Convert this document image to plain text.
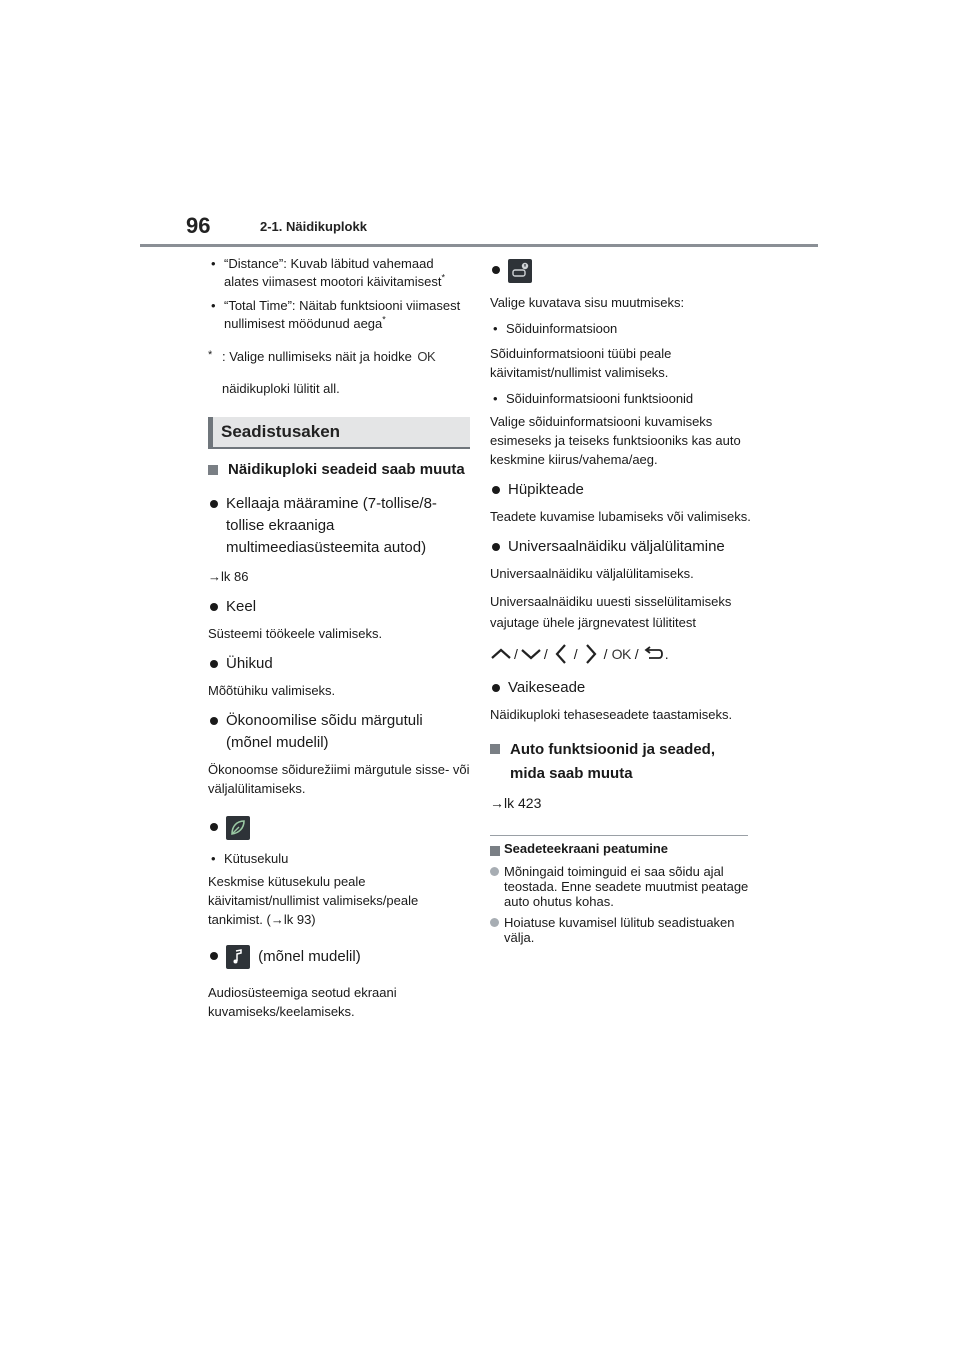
96	2-1. Näidikuplokk

• “Distance”: Kuvab läbitud vahemaad alates viimasest mootori käivitamisest*

• “Total Time”: Näitab funktsiooni viimasest nullimisest möödunud aega*

* : Valige nullimiseks näit ja hoidke OK
näidikuploki lülitit all.

Seadistusaken

Näidikuploki seadeid saab muuta

Kellaaja määramine (7-tollise/8-tollise ekraaniga multimeediasüsteemita autod)

→lk 86

Keel

Süsteemi töökeele valimiseks.

Ühikud

Mõõtühiku valimiseks.

Ökonoomilise sõidu märgutuli (mõnel mudelil)

Ökonoomse sõidurežiimi märgutule sisse- või väljalülitamiseks.

• Kütusekulu

Keskmise kütusekulu peale käivitamist/nullimist valimiseks/peale tankimist. (→lk 93)

(mõnel mudelil)

Audiosüsteemiga seotud ekraani kuvamiseks/keelamiseks.

Valige kuvatava sisu muutmiseks:

• Sõiduinformatsioon

Sõiduinformatsiooni tüübi peale käivitamist/nullimist valimiseks.

• Sõiduinformatsiooni funktsioonid

Valige sõiduinformatsiooni kuvamiseks esimeseks ja teiseks funktsiooniks kas auto keskmine kiirus/vahema/aeg.

Hüpikteade

Teadete kuvamise lubamiseks või valimiseks.

Universaalnäidiku väljalülitamine

Universaalnäidiku väljalülitamiseks.

Universaalnäidiku uuesti sisselülitamiseks vajutage ühele järgnevatest lülititest

/ / / / OK / .

Vaikeseade

Näidikuploki tehaseseadete taastamiseks.

Auto funktsioonid ja seaded, mida saab muuta

→lk 423

Seadeteekraani peatumine

Mõningaid toiminguid ei saa sõidu ajal teostada. Enne seadete muutmist peatage auto ohutus kohas.

Hoiatuse kuvamisel lülitub seadistuaken välja.
